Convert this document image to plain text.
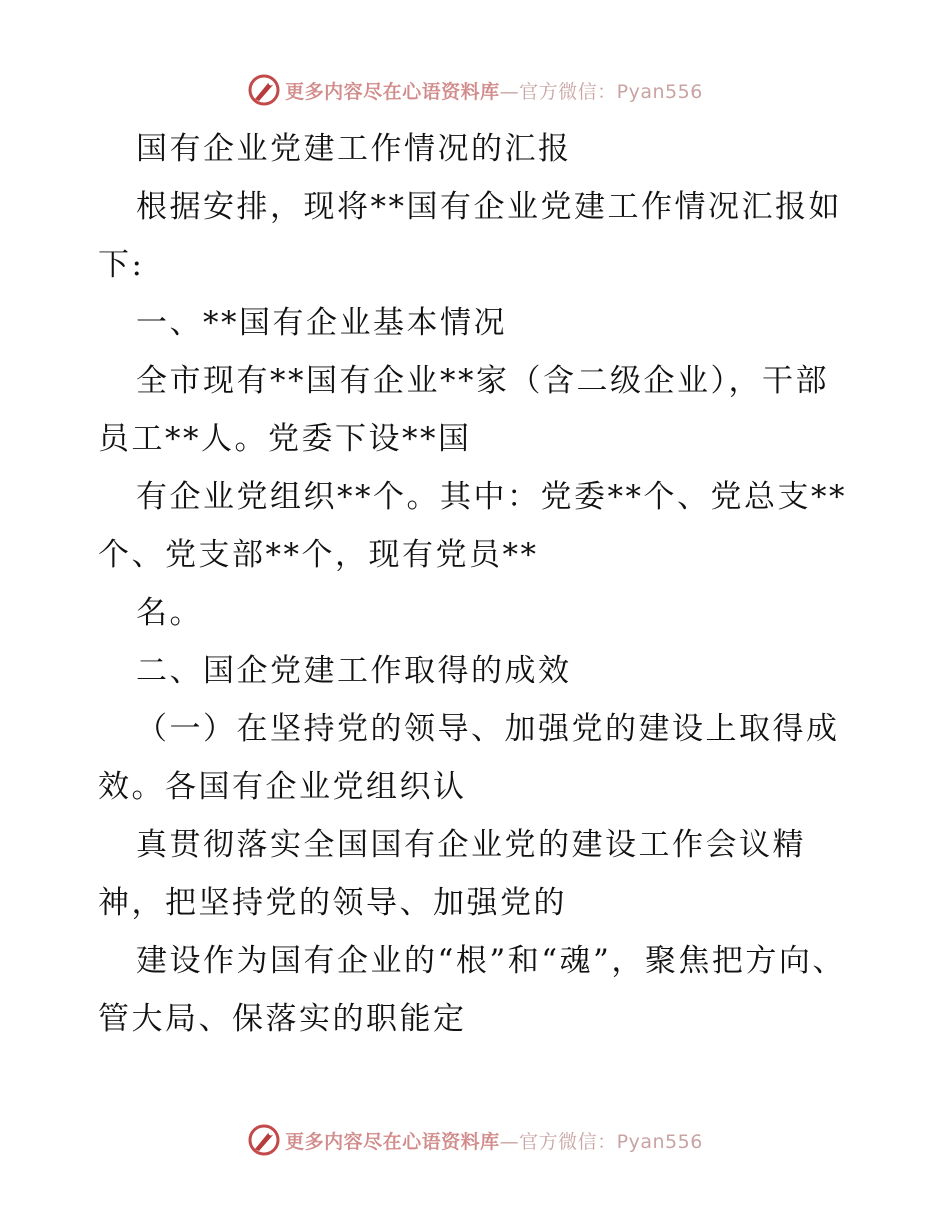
更多内容尽在心语资料库—官方微信：Pyan556

国有企业党建工作情况的汇报

根据安排，现将**国有企业党建工作情况汇报如下:

一、**国有企业基本情况

全市现有**国有企业**家（含二级企业），干部员工**人。党委下设**国

有企业党组织**个。其中：党委**个、党总支**个、党支部**个，现有党员**

名。

二、国企党建工作取得的成效

（一）在坚持党的领导、加强党的建设上取得成效。各国有企业党组织认

真贯彻落实全国国有企业党的建设工作会议精神，把坚持党的领导、加强党的

建设作为国有企业的“根”和“魂”，聚焦把方向、管大局、保落实的职能定

更多内容尽在心语资料库—官方微信：Pyan556
